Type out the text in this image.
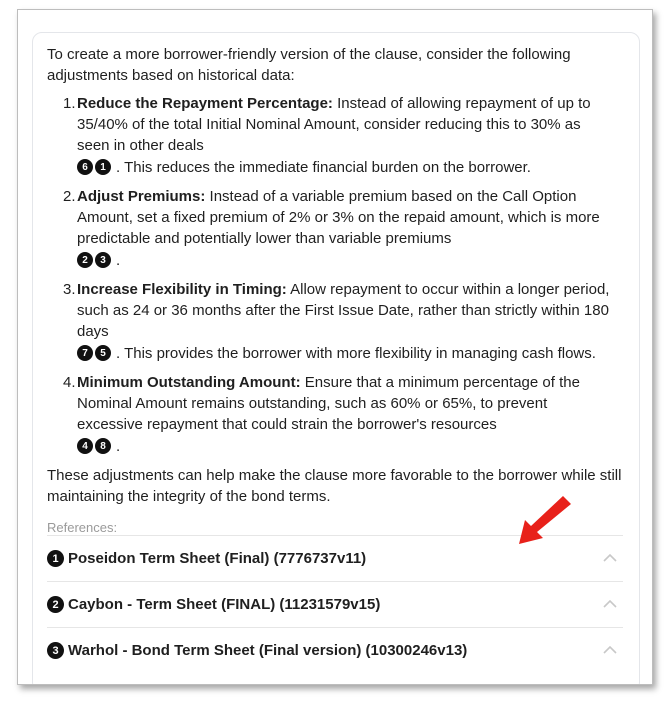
To create a more borrower-friendly version of the clause, consider the following adjustments based on historical data:

1. Reduce the Repayment Percentage: Instead of allowing repayment of up to
35/40% of the total Initial Nominal Amount, consider reducing this to 30% as
seen in other deals
6	1 . This reduces the immediate financial burden on the borrower.
2. Adjust Premiums: Instead of a variable premium based on the Call Option
Amount, set a fixed premium of 2% or 3% on the repaid amount, which is more
predictable and potentially lower than variable premiums
2	3 .
3. Increase Flexibility in Timing: Allow repayment to occur within a longer period,
such as 24 or 36 months after the First Issue Date, rather than strictly within 180
days
7	5 . This provides the borrower with more flexibility in managing cash flows.
4. Minimum Outstanding Amount: Ensure that a minimum percentage of the
Nominal Amount remains outstanding, such as 60% or 65%, to prevent
excessive repayment that could strain the borrower's resources
4	8 .

These adjustments can help make the clause more favorable to the borrower while still maintaining the integrity of the bond terms.

References:
1 Poseidon Term Sheet (Final) (7776737v11)
2 Caybon - Term Sheet (FINAL) (11231579v15)
3 Warhol - Bond Term Sheet (Final version) (10300246v13)
